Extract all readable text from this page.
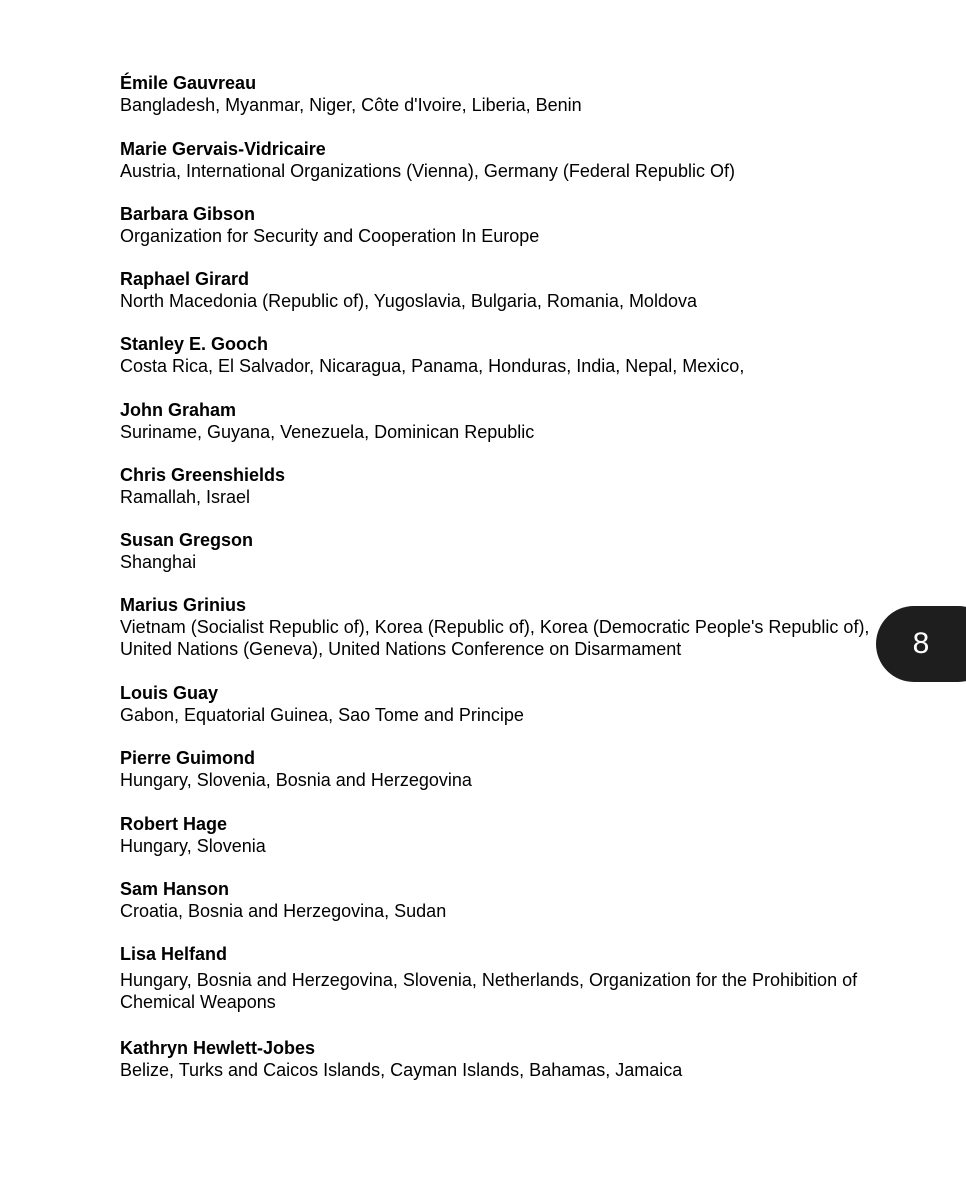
Émile Gauvreau
Bangladesh, Myanmar, Niger, Côte d'Ivoire, Liberia, Benin
Marie Gervais-Vidricaire
Austria, International Organizations (Vienna), Germany (Federal Republic Of)
Barbara Gibson
Organization for Security and Cooperation In Europe
Raphael Girard
North Macedonia (Republic of), Yugoslavia, Bulgaria, Romania, Moldova
Stanley E. Gooch
Costa Rica, El Salvador, Nicaragua, Panama, Honduras, India, Nepal, Mexico,
John Graham
Suriname, Guyana, Venezuela, Dominican Republic
Chris Greenshields
Ramallah, Israel
Susan Gregson
Shanghai
Marius Grinius
Vietnam (Socialist Republic of), Korea (Republic of), Korea (Democratic People's Republic of), United Nations (Geneva), United Nations Conference on Disarmament
Louis Guay
Gabon, Equatorial Guinea, Sao Tome and Principe
Pierre Guimond
Hungary, Slovenia, Bosnia and Herzegovina
Robert Hage
Hungary, Slovenia
Sam Hanson
Croatia, Bosnia and Herzegovina, Sudan
Lisa Helfand
Hungary, Bosnia and Herzegovina, Slovenia, Netherlands, Organization for the Prohibition of Chemical Weapons
Kathryn Hewlett-Jobes
Belize, Turks and Caicos Islands, Cayman Islands, Bahamas, Jamaica
8
